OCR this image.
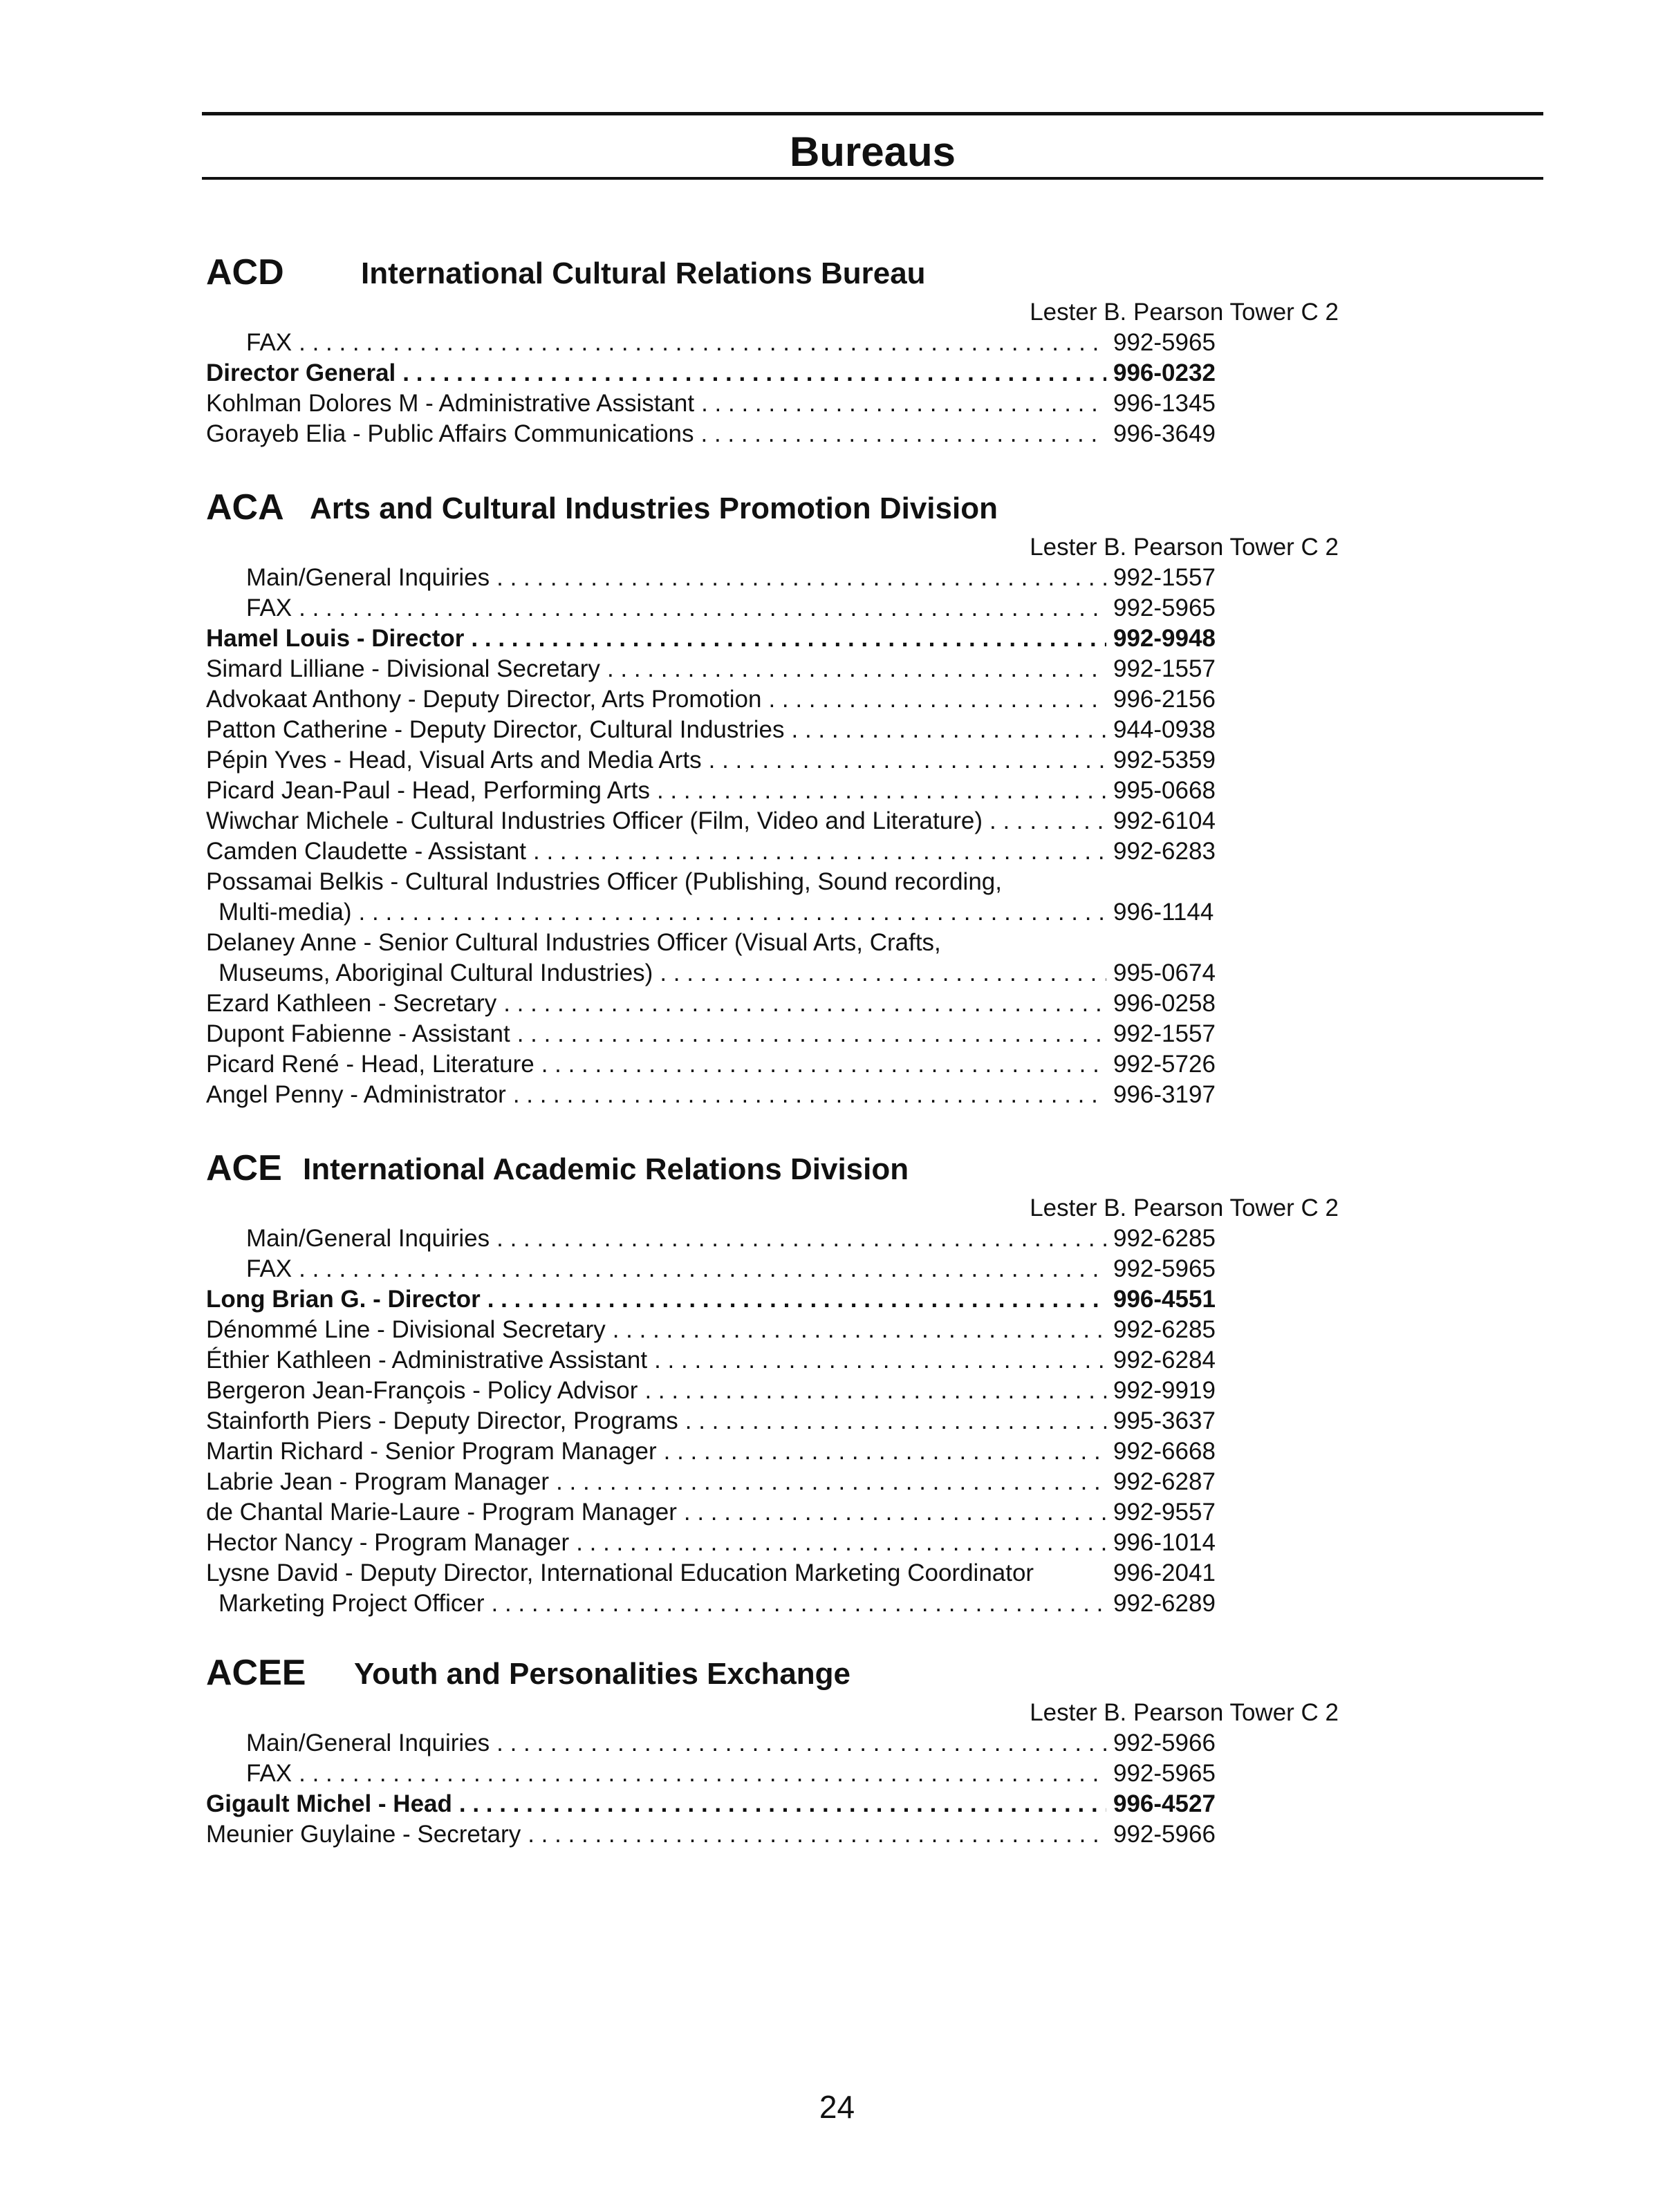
Bureaus
ACD	International Cultural Relations Bureau
Lester B. Pearson Tower C 2
FAX . . .	992-5965
Director General . . .	996-0232
Kohlman Dolores M - Administrative Assistant . . .	996-1345
Gorayeb Elia - Public Affairs Communications . . .	996-3649
ACA Arts and Cultural Industries Promotion Division
Lester B. Pearson Tower C 2
Main/General Inquiries . . .	992-1557
FAX . . .	992-5965
Hamel Louis - Director . . .	992-9948
Simard Lilliane - Divisional Secretary . . .	992-1557
Advokaat Anthony - Deputy Director, Arts Promotion . . .	996-2156
Patton Catherine - Deputy Director, Cultural Industries . . .	944-0938
Pépin Yves - Head, Visual Arts and Media Arts . . .	992-5359
Picard Jean-Paul - Head, Performing Arts . . .	995-0668
Wiwchar Michele - Cultural Industries Officer (Film, Video and Literature) . . .	992-6104
Camden Claudette - Assistant . . .	992-6283
Possamai Belkis - Cultural Industries Officer (Publishing, Sound recording,
Multi-media) . . .	996-1144
Delaney Anne - Senior Cultural Industries Officer (Visual Arts, Crafts,
Museums, Aboriginal Cultural Industries) . . .	995-0674
Ezard Kathleen - Secretary . . .	996-0258
Dupont Fabienne - Assistant . . .	992-1557
Picard René - Head, Literature . . .	992-5726
Angel Penny - Administrator . . .	996-3197
ACE International Academic Relations Division
Lester B. Pearson Tower C 2
Main/General Inquiries . . .	992-6285
FAX . . .	992-5965
Long Brian G. - Director . . .	996-4551
Dénommé Line - Divisional Secretary . . .	992-6285
Éthier Kathleen - Administrative Assistant . . .	992-6284
Bergeron Jean-François - Policy Advisor . . .	992-9919
Stainforth Piers - Deputy Director, Programs . . .	995-3637
Martin Richard - Senior Program Manager . . .	992-6668
Labrie Jean - Program Manager . . .	992-6287
de Chantal Marie-Laure - Program Manager . . .	992-9557
Hector Nancy - Program Manager . . .	996-1014
Lysne David - Deputy Director, International Education Marketing Coordinator	996-2041
Marketing Project Officer . . .	992-6289
ACEE Youth and Personalities Exchange
Lester B. Pearson Tower C 2
Main/General Inquiries . . .	992-5966
FAX . . .	992-5965
Gigault Michel - Head . . .	996-4527
Meunier Guylaine - Secretary . . .	992-5966
24
